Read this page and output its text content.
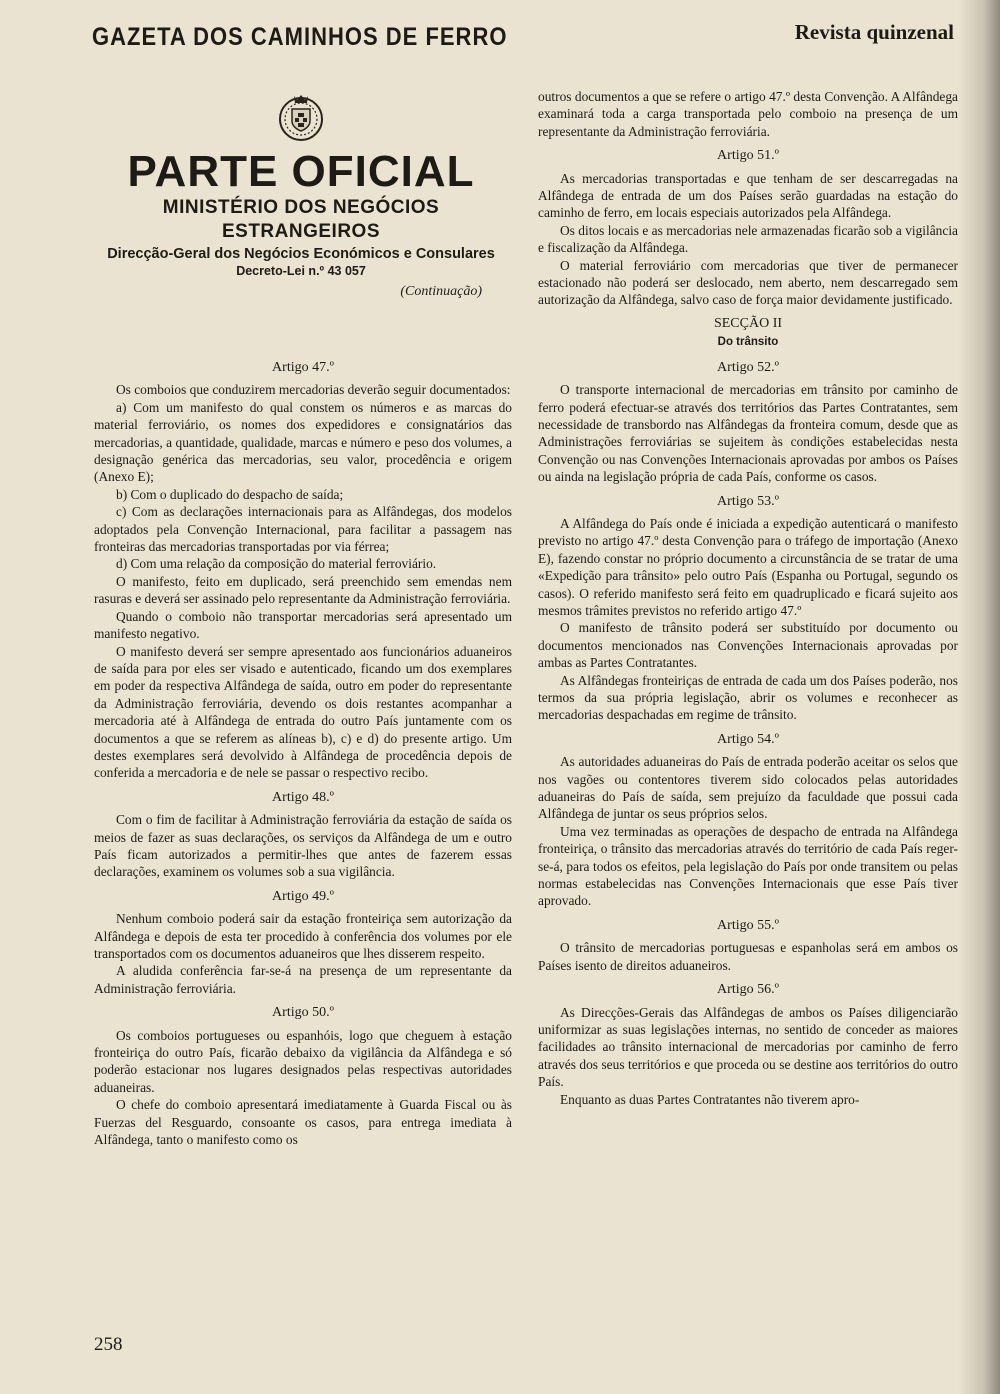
GAZETA DOS CAMINHOS DE FERRO	Revista quinzenal
PARTE OFICIAL
MINISTÉRIO DOS NEGÓCIOS
ESTRANGEIROS
Direcção-Geral dos Negócios Económicos e Consulares
Decreto-Lei n.º 43 057
(Continuação)
Artigo 47.º

Os comboios que conduzirem mercadorias deverão seguir documentados:

a) Com um manifesto do qual constem os números e as marcas do material ferroviário, os nomes dos expedidores e consignatários das mercadorias, a quantidade, qualidade, marcas e número e peso dos volumes, a designação genérica das mercadorias, seu valor, procedência e origem (Anexo E);

b) Com o duplicado do despacho de saída;

c) Com as declarações internacionais para as Alfândegas, dos modelos adoptados pela Convenção Internacional, para facilitar a passagem nas fronteiras das mercadorias transportadas por via férrea;

d) Com uma relação da composição do material ferroviário.

O manifesto, feito em duplicado, será preenchido sem emendas nem rasuras e deverá ser assinado pelo representante da Administração ferroviária.

Quando o comboio não transportar mercadorias será apresentado um manifesto negativo.

O manifesto deverá ser sempre apresentado aos funcionários aduaneiros de saída para por eles ser visado e autenticado, ficando um dos exemplares em poder da respectiva Alfândega de saída, outro em poder do representante da Administração ferroviária, devendo os dois restantes acompanhar a mercadoria até à Alfândega de entrada do outro País juntamente com os documentos a que se referem as alíneas b), c) e d) do presente artigo. Um destes exemplares será devolvido à Alfândega de procedência depois de conferida a mercadoria e de nele se passar o respectivo recibo.

Artigo 48.º

Com o fim de facilitar à Administração ferroviária da estação de saída os meios de fazer as suas declarações, os serviços da Alfândega de um e outro País ficam autorizados a permitir-lhes que antes de fazerem essas declarações, examinem os volumes sob a sua vigilância.

Artigo 49.º

Nenhum comboio poderá sair da estação fronteiriça sem autorização da Alfândega e depois de esta ter procedido à conferência dos volumes por ele transportados com os documentos aduaneiros que lhes disserem respeito.

A aludida conferência far-se-á na presença de um representante da Administração ferroviária.

Artigo 50.º

Os comboios portugueses ou espanhóis, logo que cheguem à estação fronteiriça do outro País, ficarão debaixo da vigilância da Alfândega e só poderão estacionar nos lugares designados pelas respectivas autoridades aduaneiras.

O chefe do comboio apresentará imediatamente à Guarda Fiscal ou às Fuerzas del Resguardo, consoante os casos, para entrega imediata à Alfândega, tanto o manifesto como os

outros documentos a que se refere o artigo 47.º desta Convenção. A Alfândega examinará toda a carga transportada pelo comboio na presença de um representante da Administração ferroviária.

Artigo 51.º

As mercadorias transportadas e que tenham de ser descarregadas na Alfândega de entrada de um dos Países serão guardadas na estação do caminho de ferro, em locais especiais autorizados pela Alfândega.

Os ditos locais e as mercadorias nele armazenadas ficarão sob a vigilância e fiscalização da Alfândega.

O material ferroviário com mercadorias que tiver de permanecer estacionado não poderá ser deslocado, nem aberto, nem descarregado sem autorização da Alfândega, salvo caso de força maior devidamente justificado.

SECÇÃO II
Do trânsito
Artigo 52.º

O transporte internacional de mercadorias em trânsito por caminho de ferro poderá efectuar-se através dos territórios das Partes Contratantes, sem necessidade de transbordo nas Alfândegas da fronteira comum, desde que as Administrações ferroviárias se sujeitem às condições estabelecidas nesta Convenção ou nas Convenções Internacionais aprovadas por ambos os Países ou ainda na legislação própria de cada País, conforme os casos.

Artigo 53.º

A Alfândega do País onde é iniciada a expedição autenticará o manifesto previsto no artigo 47.º desta Convenção para o tráfego de importação (Anexo E), fazendo constar no próprio documento a circunstância de se tratar de uma «Expedição para trânsito» pelo outro País (Espanha ou Portugal, segundo os casos). O referido manifesto será feito em quadruplicado e ficará sujeito aos mesmos trâmites previstos no referido artigo 47.º

O manifesto de trânsito poderá ser substituído por documento ou documentos mencionados nas Convenções Internacionais aprovadas por ambas as Partes Contratantes.

As Alfândegas fronteiriças de entrada de cada um dos Países poderão, nos termos da sua própria legislação, abrir os volumes e reconhecer as mercadorias despachadas em regime de trânsito.

Artigo 54.º

As autoridades aduaneiras do País de entrada poderão aceitar os selos que nos vagões ou contentores tiverem sido colocados pelas autoridades aduaneiras do País de saída, sem prejuízo da faculdade que possui cada Alfândega de juntar os seus próprios selos.

Uma vez terminadas as operações de despacho de entrada na Alfândega fronteiriça, o trânsito das mercadorias através do território de cada País reger-se-á, para todos os efeitos, pela legislação do País por onde transitem ou pelas normas estabelecidas nas Convenções Internacionais que esse País tiver aprovado.

Artigo 55.º

O trânsito de mercadorias portuguesas e espanholas será em ambos os Países isento de direitos aduaneiros.

Artigo 56.º

As Direcções-Gerais das Alfândegas de ambos os Países diligenciarão uniformizar as suas legislações internas, no sentido de conceder as maiores facilidades ao trânsito internacional de mercadorias por caminho de ferro através dos seus territórios e que proceda ou se destine aos territórios do outro País.

Enquanto as duas Partes Contratantes não tiverem apro-

258
